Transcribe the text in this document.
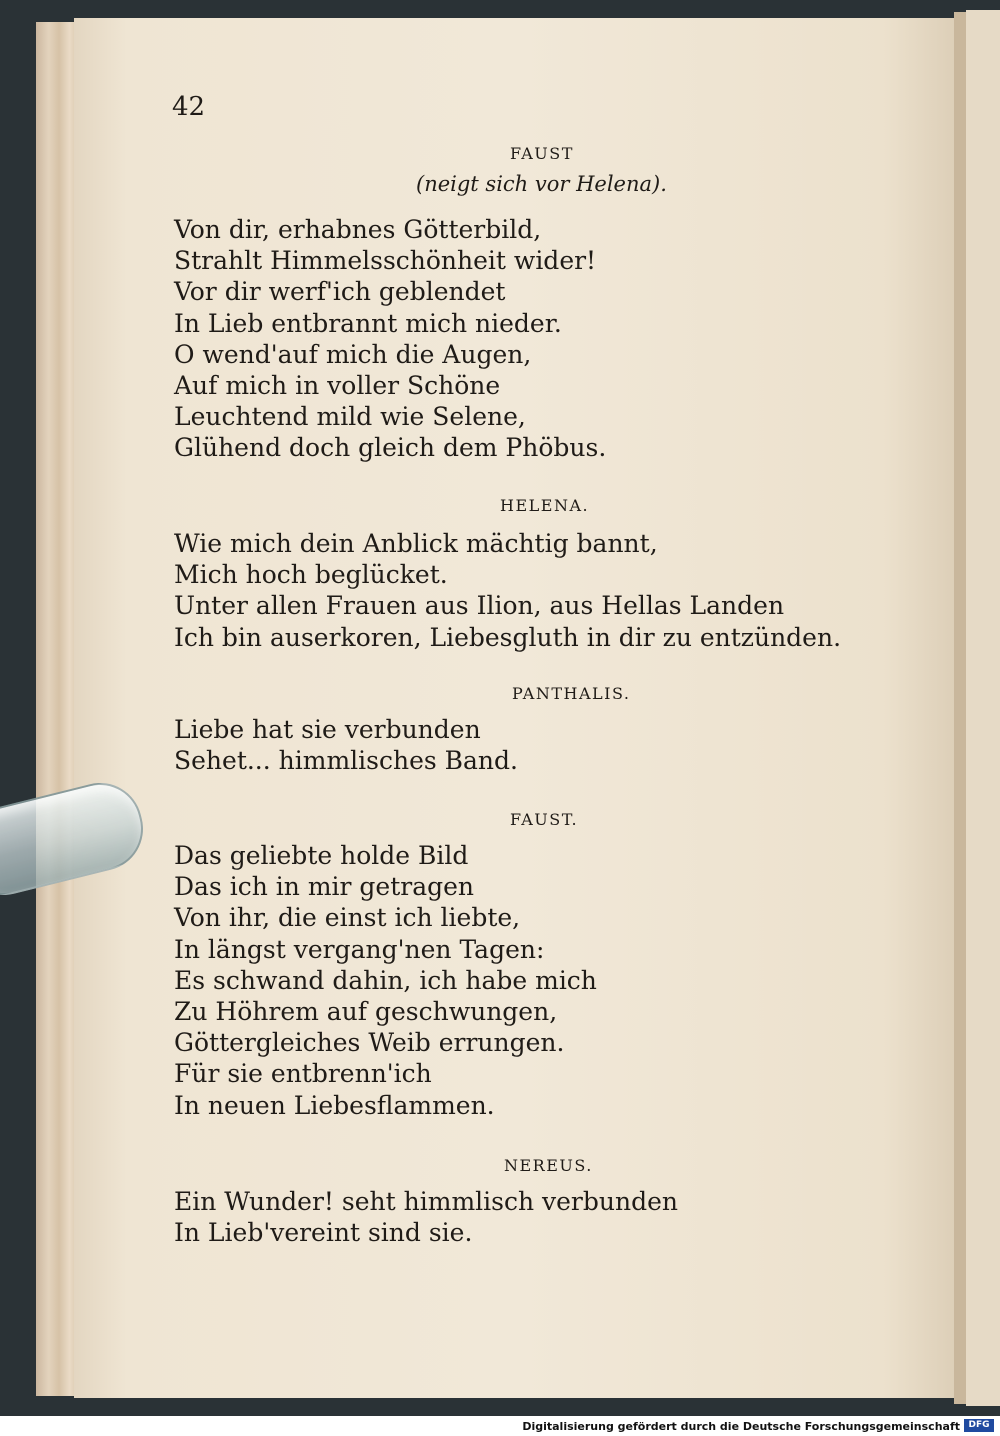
42
FAUST
(neigt sich vor Helena).
Von dir, erhabnes Götterbild,
Strahlt Himmelsschönheit wider!
Vor dir werf'ich geblendet
In Lieb entbrannt mich nieder.
O wend'auf mich die Augen,
Auf mich in voller Schöne
Leuchtend mild wie Selene,
Glühend doch gleich dem Phöbus.
HELENA.
Wie mich dein Anblick mächtig bannt,
Mich hoch beglücket.
Unter allen Frauen aus Ilion, aus Hellas Landen
Ich bin auserkoren, Liebesgluth in dir zu entzünden.
PANTHALIS.
Liebe hat sie verbunden
Sehet... himmlisches Band.
FAUST.
Das geliebte holde Bild
Das ich in mir getragen
Von ihr, die einst ich liebte,
In längst vergang'nen Tagen:
Es schwand dahin, ich habe mich
Zu Höhrem auf geschwungen,
Göttergleiches Weib errungen.
Für sie entbrenn'ich
In neuen Liebesflammen.
NEREUS.
Ein Wunder! seht himmlisch verbunden
In Lieb'vereint sind sie.
Digitalisierung gefördert durch die Deutsche Forschungsgemeinschaft DFG
